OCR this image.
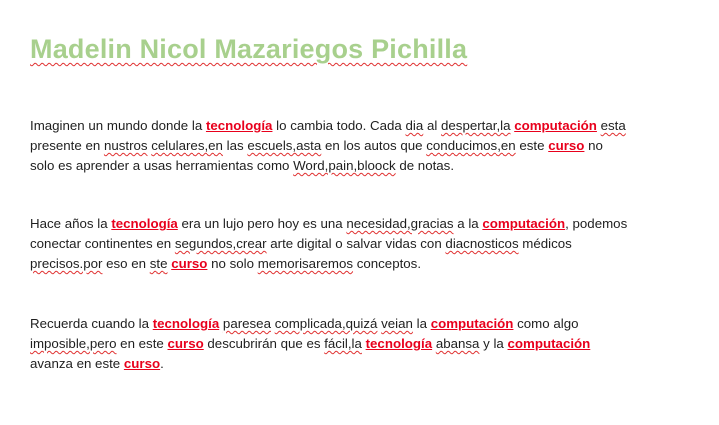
Madelin Nicol Mazariegos Pichilla

Imaginen un mundo donde la tecnología lo cambia todo. Cada dia al despertar,la computación esta presente en nustros celulares,en las escuels,asta en los autos que conducimos,en este curso no solo es aprender a usas herramientas como Word,pain,bloock de notas.

Hace años la tecnología era un lujo pero hoy es una necesidad,gracias a la computación, podemos conectar continentes en segundos,crear arte digital o salvar vidas con diacnosticos médicos precisos.por eso en ste curso no solo memorisaremos conceptos.

Recuerda cuando la tecnología paresea complicada,quizá veian la computación como algo imposible,pero en este curso descubrirán que es fácil,la tecnología abansa y la computación avanza en este curso.
